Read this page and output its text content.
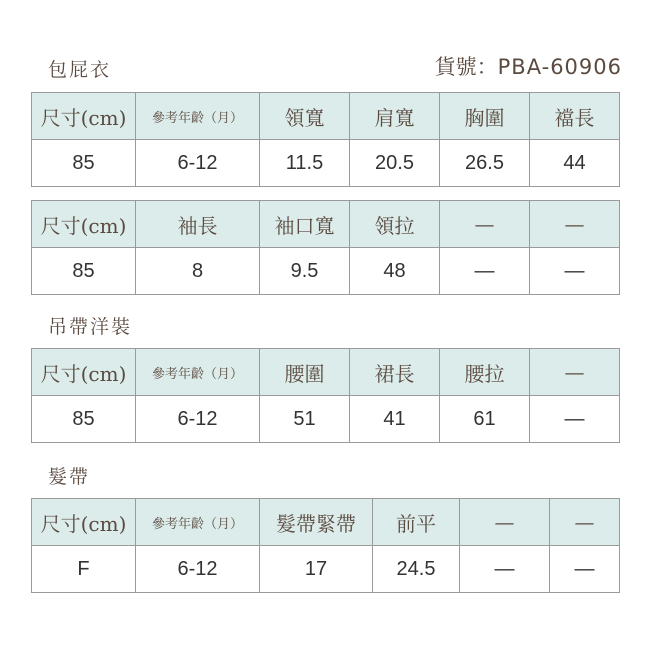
包屁衣	貨號：PBA-60906
尺寸(cm)	參考年齡（月）	領寬	肩寬	胸圍	襠長
85	6-12	11.5	20.5	26.5	44
尺寸(cm)	袖長	袖口寬	領拉	—	—
85	8	9.5	48	—	—
吊帶洋裝
尺寸(cm)	參考年齡（月）	腰圍	裙長	腰拉	—
85	6-12	51	41	61	—
髮帶
尺寸(cm)	參考年齡（月）	髮帶緊帶	前平	—	—
F	6-12	17	24.5	—	—
